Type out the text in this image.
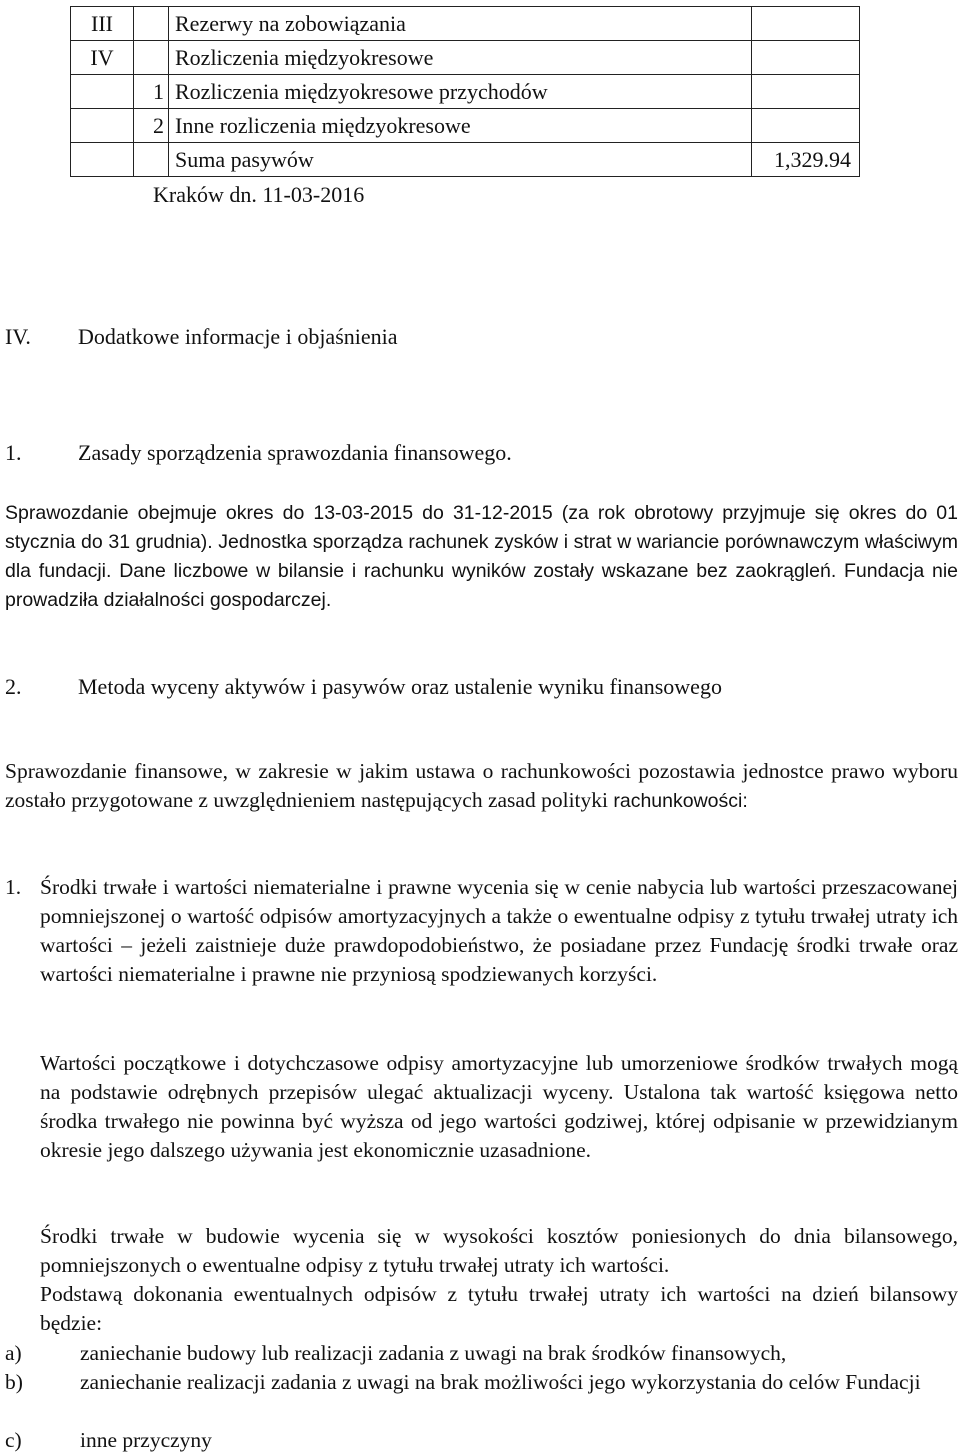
III		Rezerwy na zobowiązania	
IV		Rozliczenia międzyokresowe	
	1	Rozliczenia międzyokresowe przychodów	
	2	Inne rozliczenia międzyokresowe	
		Suma pasywów	1,329.94
Kraków dn. 11-03-2016
IV. Dodatkowe informacje i objaśnienia
1.	Zasady sporządzenia sprawozdania finansowego.
Sprawozdanie obejmuje okres do 13-03-2015 do 31-12-2015 (za rok obrotowy przyjmuje się okres do 01 stycznia do 31 grudnia). Jednostka sporządza rachunek zysków i strat w wariancie porównawczym właściwym dla fundacji. Dane liczbowe w bilansie i rachunku wyników zostały wskazane bez zaokrągleń. Fundacja nie prowadziła działalności gospodarczej.
2.	Metoda wyceny aktywów i pasywów oraz ustalenie wyniku finansowego
Sprawozdanie finansowe, w zakresie w jakim ustawa o rachunkowości pozostawia jednostce prawo wyboru zostało przygotowane z uwzględnieniem następujących zasad polityki rachunkowości:
1. Środki trwałe i wartości niematerialne i prawne wycenia się w cenie nabycia lub wartości przeszacowanej pomniejszonej o wartość odpisów amortyzacyjnych a także o ewentualne odpisy z tytułu trwałej utraty ich wartości – jeżeli zaistnieje duże prawdopodobieństwo, że posiadane przez Fundację środki trwałe oraz wartości niematerialne i prawne nie przyniosą spodziewanych korzyści.
Wartości początkowe i dotychczasowe odpisy amortyzacyjne lub umorzeniowe środków trwałych mogą na podstawie odrębnych przepisów ulegać aktualizacji wyceny. Ustalona tak wartość księgowa netto środka trwałego nie powinna być wyższa od jego wartości godziwej, której odpisanie w przewidzianym okresie jego dalszego używania jest ekonomicznie uzasadnione.
Środki trwałe w budowie wycenia się w wysokości kosztów poniesionych do dnia bilansowego, pomniejszonych o ewentualne odpisy z tytułu trwałej utraty ich wartości.
Podstawą dokonania ewentualnych odpisów z tytułu trwałej utraty ich wartości na dzień bilansowy będzie:
a)	zaniechanie budowy lub realizacji zadania z uwagi na brak środków finansowych,
b)	zaniechanie realizacji zadania z uwagi na brak możliwości jego wykorzystania do celów Fundacji
c)	inne przyczyny
